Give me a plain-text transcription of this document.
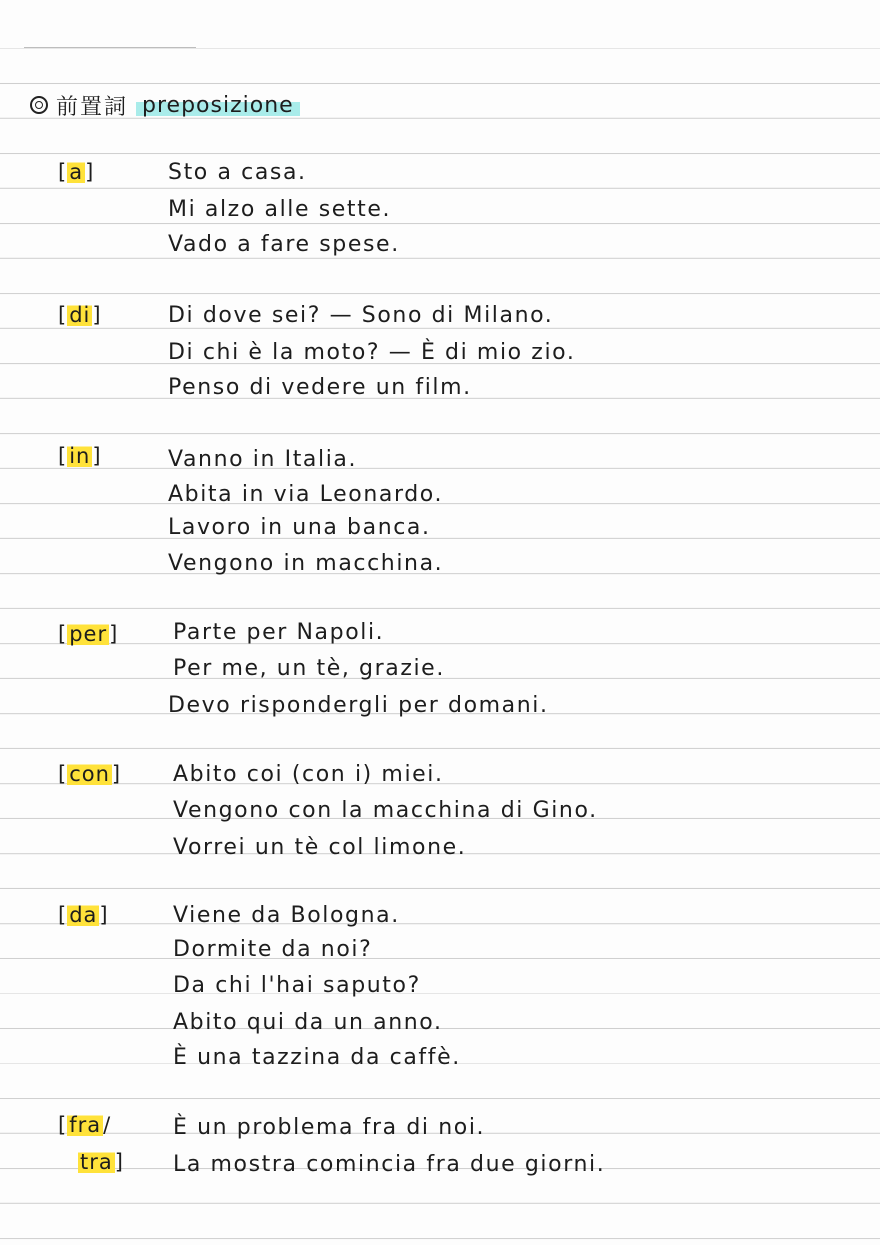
前置詞 preposizione
[a]	Sto a casa.
Mi alzo alle sette.
Vado a fare spese.
[di]	Di dove sei? — Sono di Milano.
Di chi è la moto? — È di mio zio.
Penso di vedere un film.
[in]	Vanno in Italia.
Abita in via Leonardo.
Lavoro in una banca.
Vengono in macchina.
[per] Parte per Napoli.
Per me, un tè, grazie.
Devo rispondergli per domani.
[con] Abito coi (con i) miei.
Vengono con la macchina di Gino.
Vorrei un tè col limone.
[da]	Viene da Bologna.
Dormite da noi?
Da chi l'hai saputo?
Abito qui da un anno.
È una tazzina da caffè.
[fra/
tra]
È un problema fra di noi.
La mostra comincia fra due giorni.
